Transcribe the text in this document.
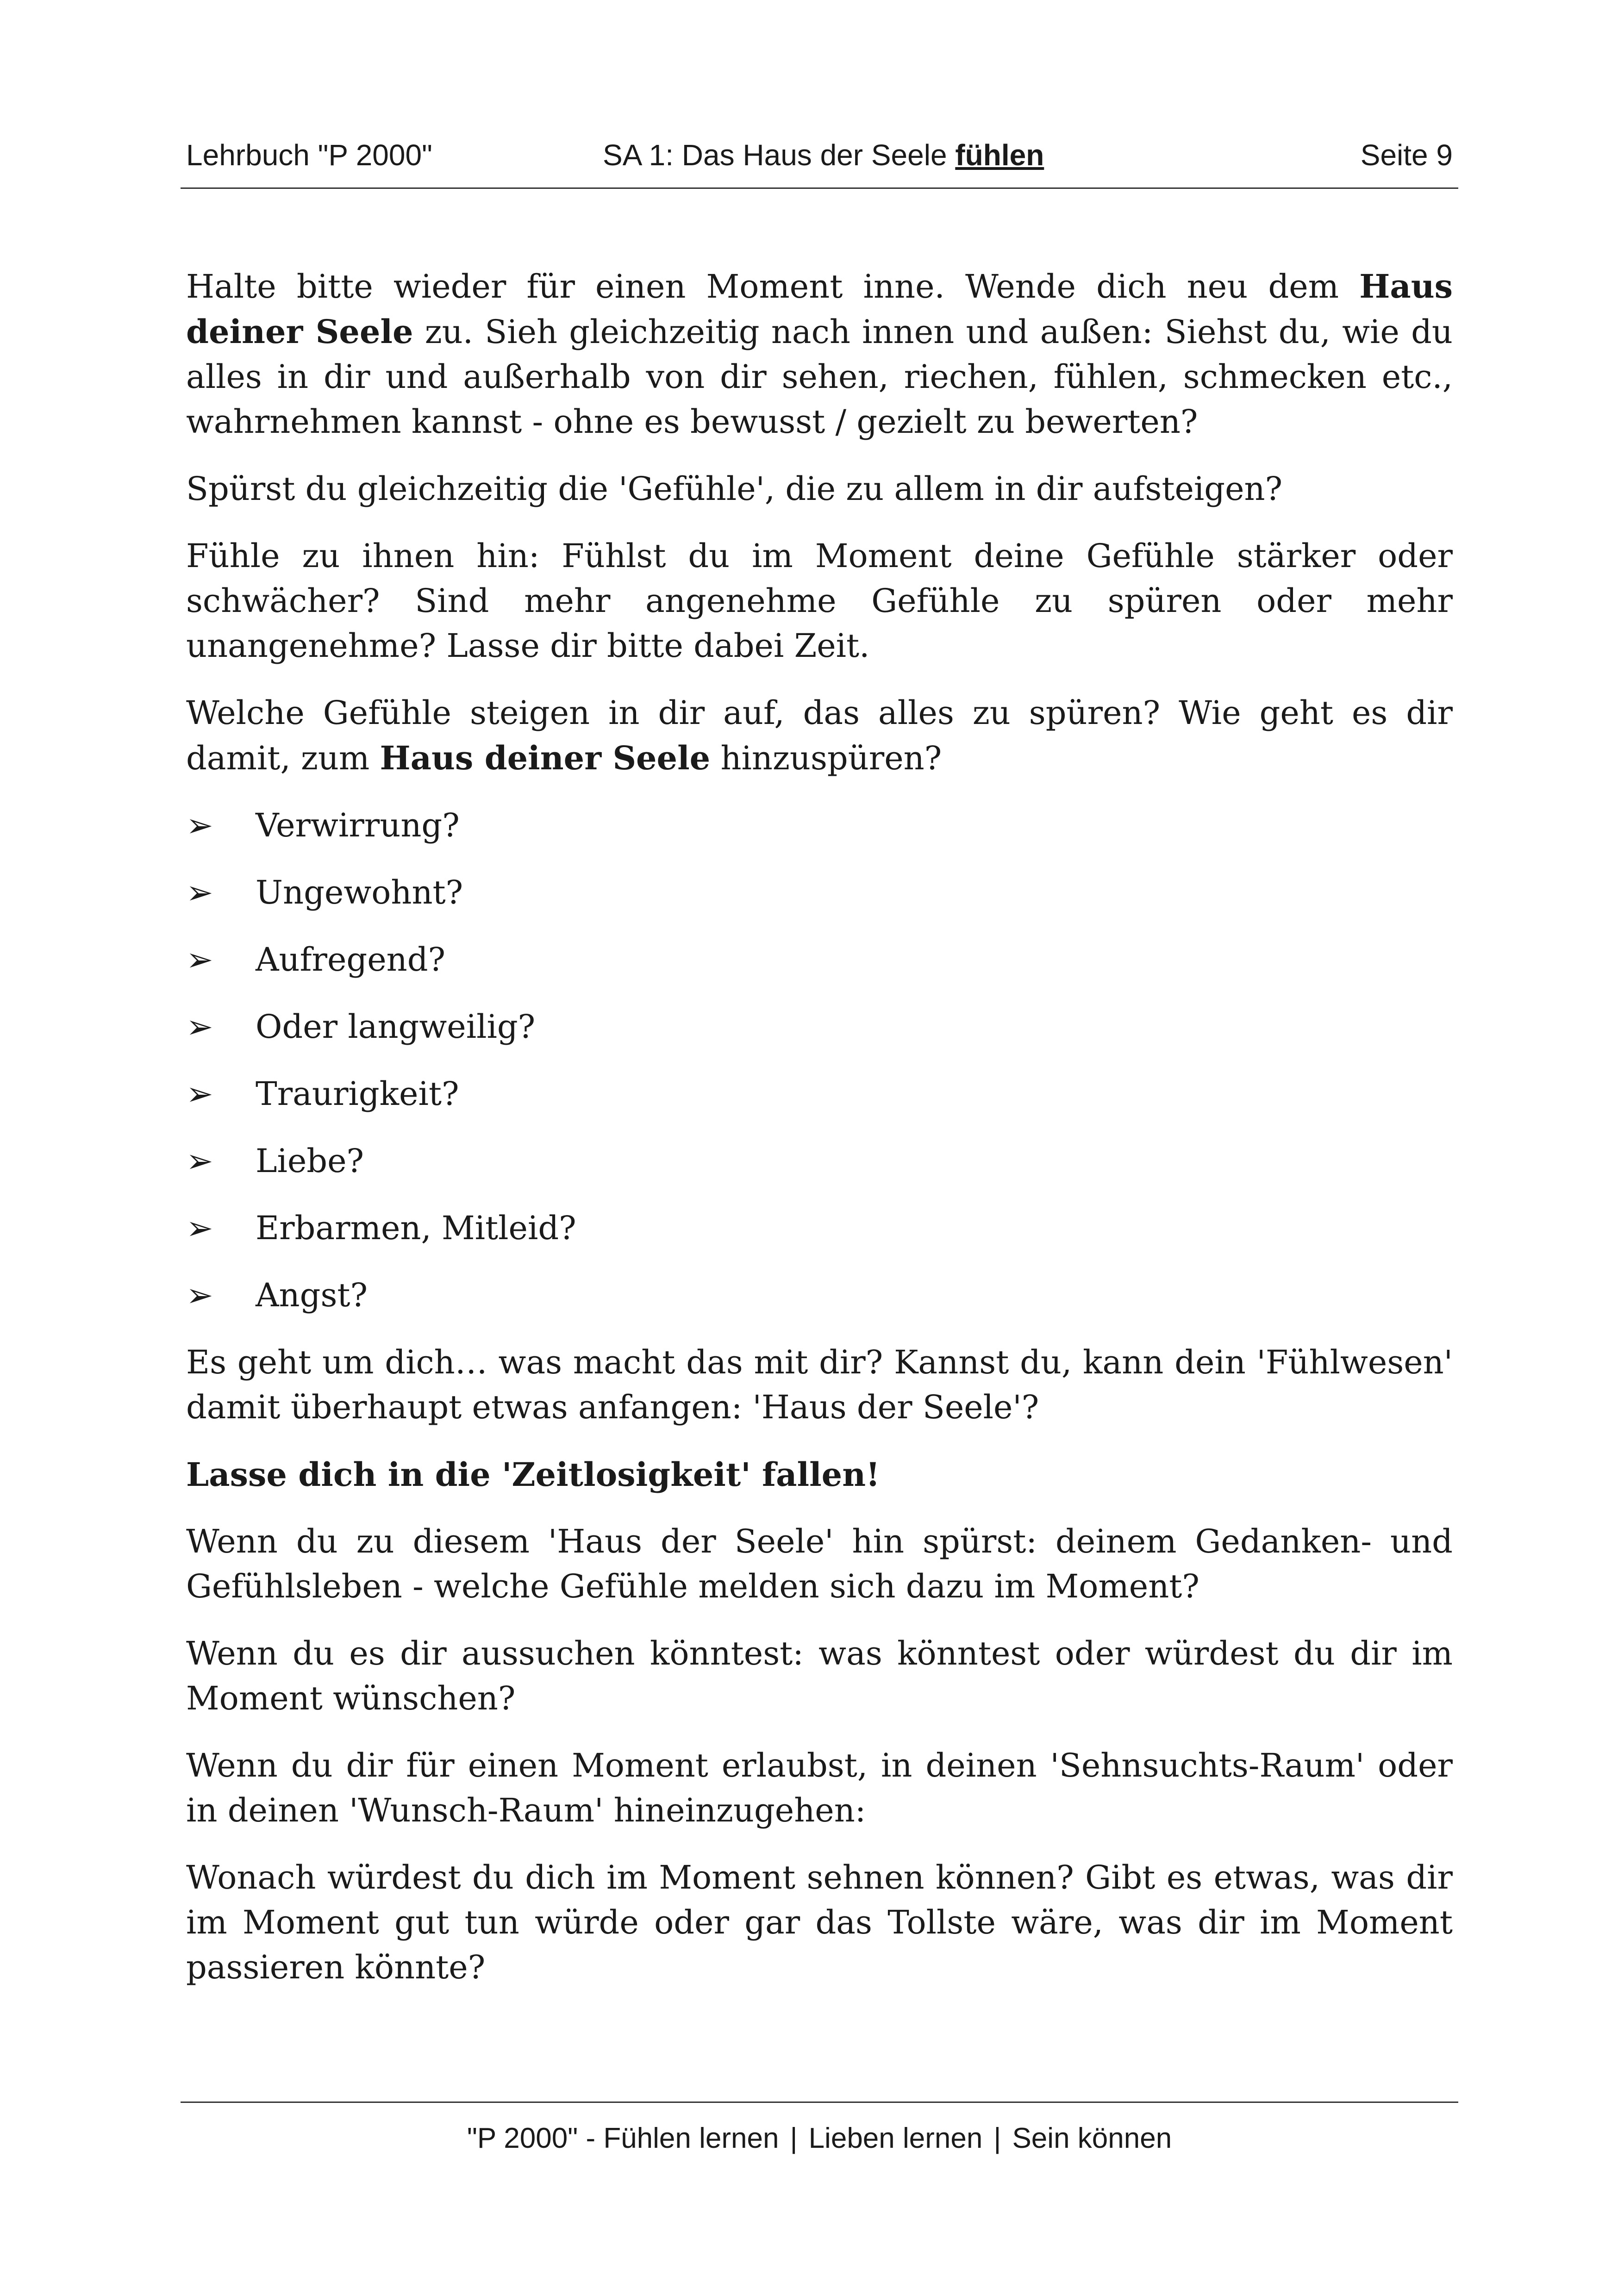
Lehrbuch "P 2000"	SA 1: Das Haus der Seele fühlen	Seite 9

Halte bitte wieder für einen Moment inne. Wende dich neu dem Haus deiner Seele zu. Sieh gleichzeitig nach innen und außen: Siehst du, wie du alles in dir und außerhalb von dir sehen, riechen, fühlen, schmecken etc., wahrnehmen kannst - ohne es bewusst / gezielt zu bewerten?

Spürst du gleichzeitig die 'Gefühle', die zu allem in dir aufsteigen?

Fühle zu ihnen hin: Fühlst du im Moment deine Gefühle stärker oder schwächer? Sind mehr angenehme Gefühle zu spüren oder mehr unangenehme? Lasse dir bitte dabei Zeit.

Welche Gefühle steigen in dir auf, das alles zu spüren? Wie geht es dir damit, zum Haus deiner Seele hinzuspüren?

➢ Verwirrung?
➢ Ungewohnt?
➢ Aufregend?
➢ Oder langweilig?
➢ Traurigkeit?
➢ Liebe?
➢ Erbarmen, Mitleid?
➢ Angst?

Es geht um dich… was macht das mit dir? Kannst du, kann dein 'Fühlwesen' damit überhaupt etwas anfangen: 'Haus der Seele'?

Lasse dich in die 'Zeitlosigkeit' fallen!

Wenn du zu diesem 'Haus der Seele' hin spürst: deinem Gedanken- und Gefühlsleben - welche Gefühle melden sich dazu im Moment?

Wenn du es dir aussuchen könntest: was könntest oder würdest du dir im Moment wünschen?

Wenn du dir für einen Moment erlaubst, in deinen 'Sehnsuchts-Raum' oder in deinen 'Wunsch-Raum' hineinzugehen:

Wonach würdest du dich im Moment sehnen können? Gibt es etwas, was dir im Moment gut tun würde oder gar das Tollste wäre, was dir im Moment passieren könnte?

"P 2000" - Fühlen lernen | Lieben lernen | Sein können
